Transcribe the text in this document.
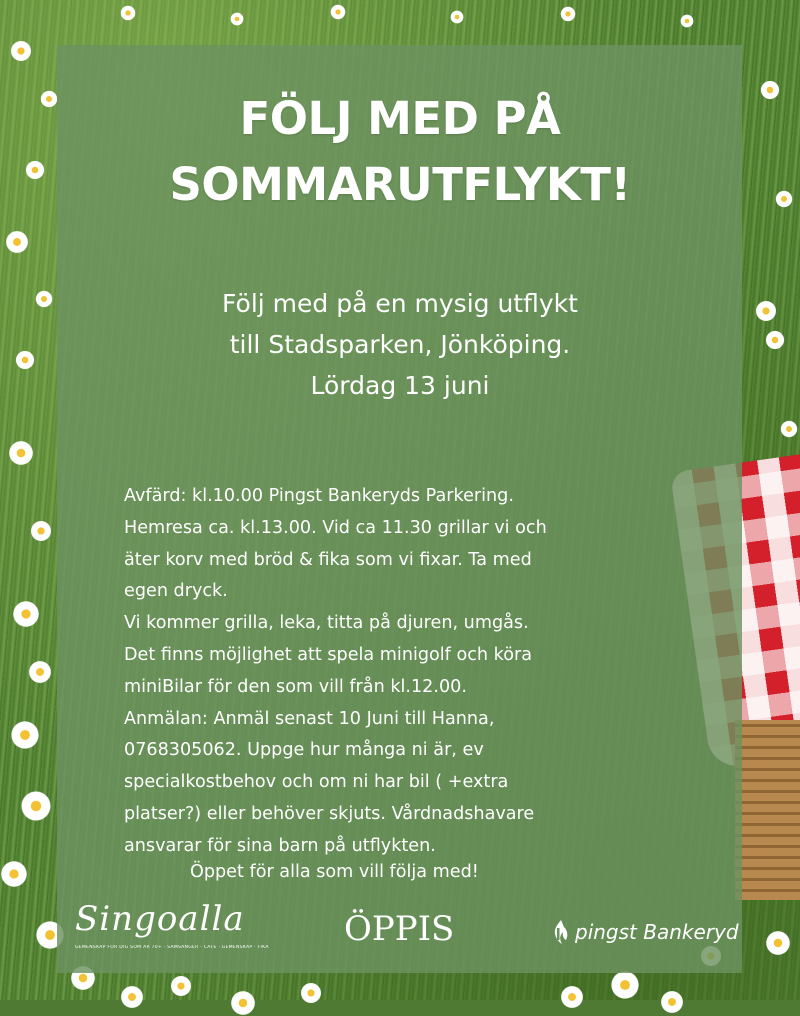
FÖLJ MED PÅ
SOMMARUTFLYKT!
Följ med på en mysig utflykt
till Stadsparken, Jönköping.
Lördag 13 juni
Avfärd: kl.10.00 Pingst Bankeryds Parkering.
Hemresa ca. kl.13.00. Vid ca 11.30 grillar vi och
äter korv med bröd & fika som vi fixar. Ta med
egen dryck.
Vi kommer grilla, leka, titta på djuren, umgås.
Det finns möjlighet att spela minigolf och köra
miniBilar för den som vill från kl.12.00.
Anmälan: Anmäl senast 10 Juni till Hanna,
0768305062. Uppge hur många ni är, ev
specialkostbehov och om ni har bil ( +extra
platser?) eller behöver skjuts. Vårdnadshavare
ansvarar för sina barn på utflykten.
Öppet för alla som vill följa med!
Singoalla
GEMENSKAP FÖR DIG SOM ÄR 70+ · SAMSÅNGER · CAFÉ · GEMENSKAP · FIKA ÖPPIS	pingst Bankeryd
